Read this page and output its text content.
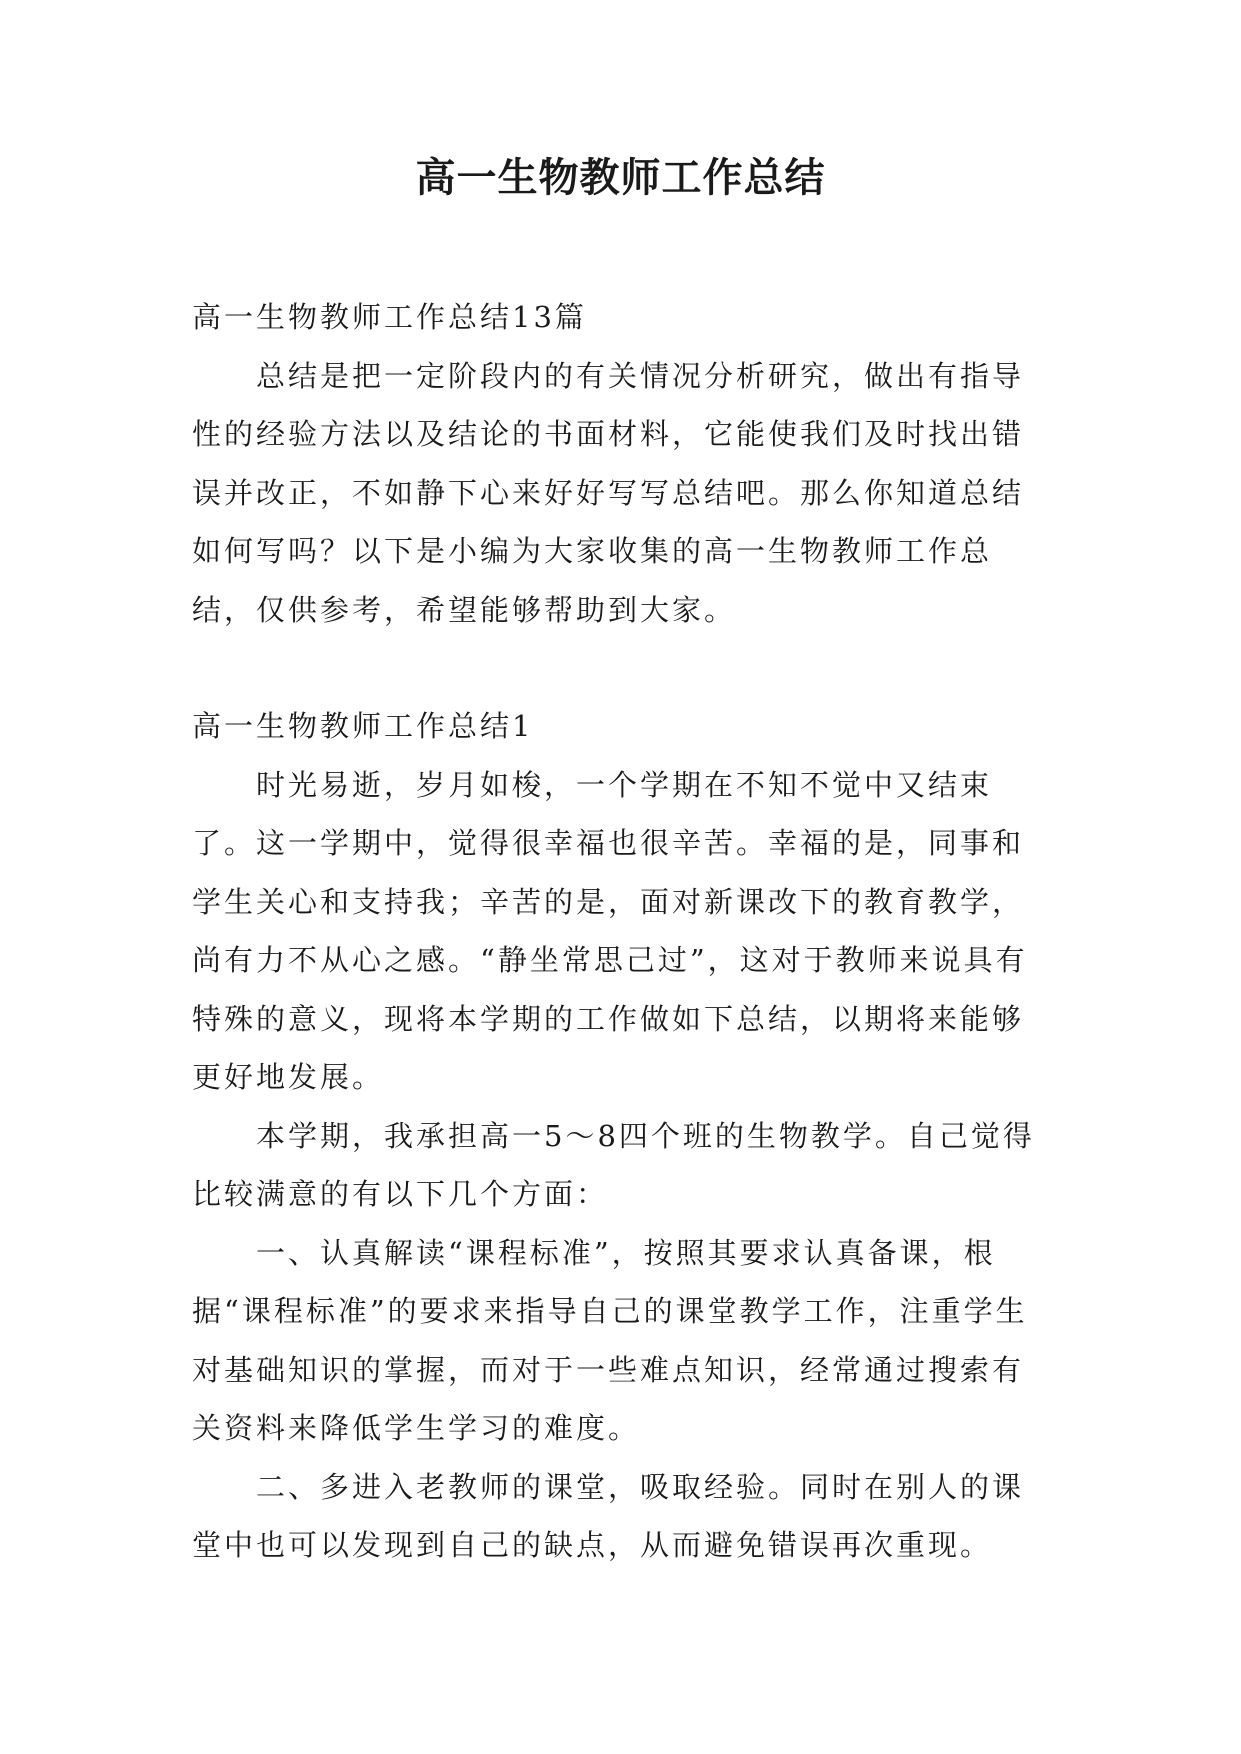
高一生物教师工作总结

高一生物教师工作总结13篇

总结是把一定阶段内的有关情况分析研究，做出有指导性的经验方法以及结论的书面材料，它能使我们及时找出错误并改正，不如静下心来好好写写总结吧。那么你知道总结如何写吗？以下是小编为大家收集的高一生物教师工作总结，仅供参考，希望能够帮助到大家。

高一生物教师工作总结1

时光易逝，岁月如梭，一个学期在不知不觉中又结束了。这一学期中，觉得很幸福也很辛苦。幸福的是，同事和学生关心和支持我；辛苦的是，面对新课改下的教育教学，尚有力不从心之感。“静坐常思己过”，这对于教师来说具有特殊的意义，现将本学期的工作做如下总结，以期将来能够更好地发展。

本学期，我承担高一5～8四个班的生物教学。自己觉得比较满意的有以下几个方面：

一、认真解读“课程标准”，按照其要求认真备课，根据“课程标准”的要求来指导自己的课堂教学工作，注重学生对基础知识的掌握，而对于一些难点知识，经常通过搜索有关资料来降低学生学习的难度。

二、多进入老教师的课堂，吸取经验。同时在别人的课堂中也可以发现到自己的缺点，从而避免错误再次重现。
